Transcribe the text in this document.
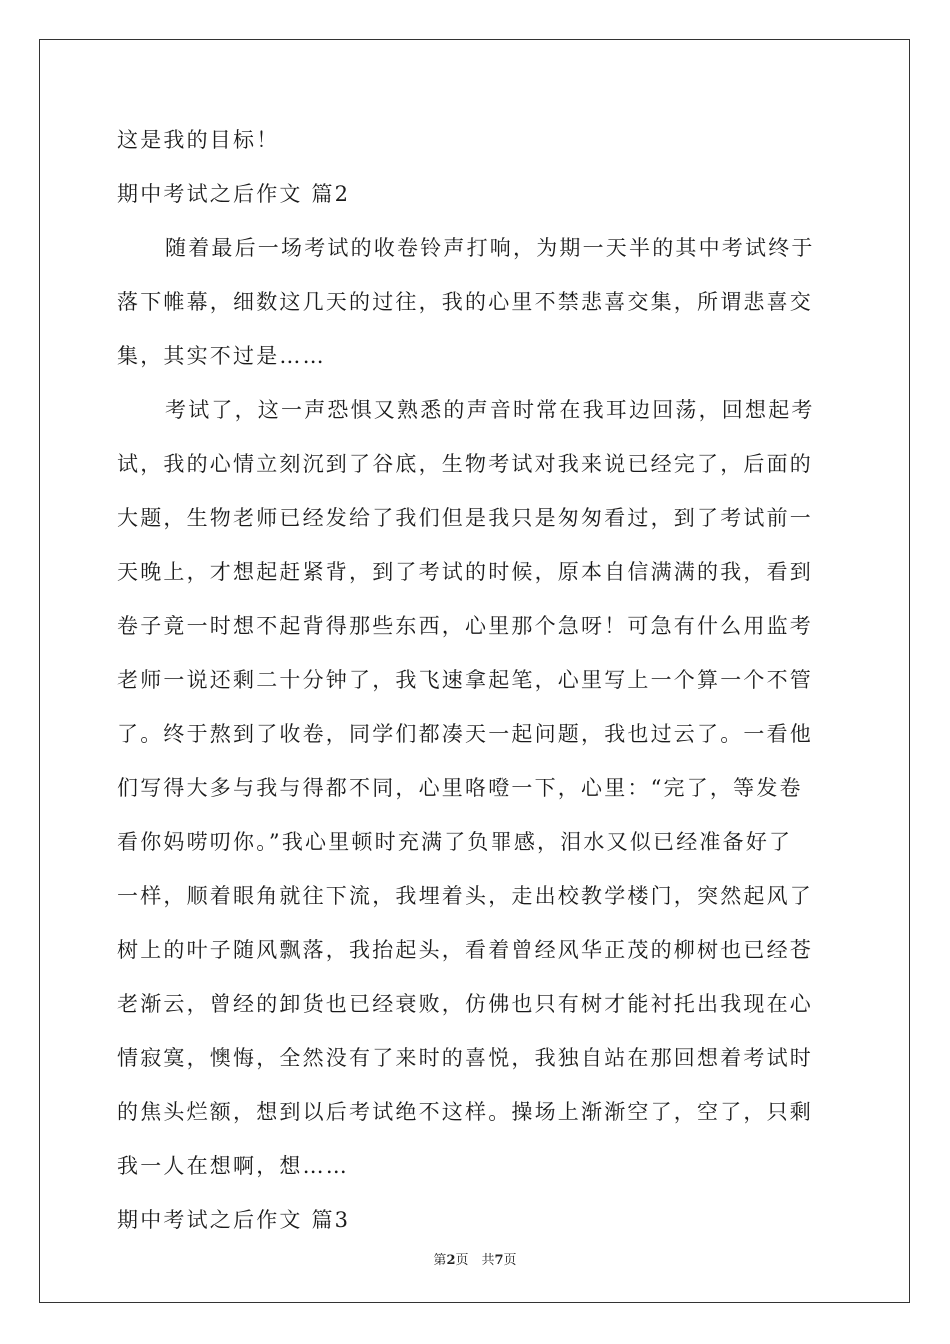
这是我的目标！
期中考试之后作文 篇2
随着最后一场考试的收卷铃声打响，为期一天半的其中考试终于
落下帷幕，细数这几天的过往，我的心里不禁悲喜交集，所谓悲喜交
集，其实不过是……
考试了，这一声恐惧又熟悉的声音时常在我耳边回荡，回想起考
试，我的心情立刻沉到了谷底，生物考试对我来说已经完了，后面的
大题，生物老师已经发给了我们但是我只是匆匆看过，到了考试前一
天晚上，才想起赶紧背，到了考试的时候，原本自信满满的我，看到
卷子竟一时想不起背得那些东西，心里那个急呀！可急有什么用监考
老师一说还剩二十分钟了，我飞速拿起笔，心里写上一个算一个不管
了。终于熬到了收卷，同学们都凑天一起问题，我也过云了。一看他
们写得大多与我与得都不同，心里咯噔一下，心里：“完了，等发卷
看你妈唠叨你。”我心里顿时充满了负罪感，泪水又似已经准备好了
一样，顺着眼角就往下流，我埋着头，走出校教学楼门，突然起风了
树上的叶子随风飘落，我抬起头，看着曾经风华正茂的柳树也已经苍
老渐云，曾经的卸货也已经衰败，仿佛也只有树才能衬托出我现在心
情寂寞，懊悔，全然没有了来时的喜悦，我独自站在那回想着考试时
的焦头烂额，想到以后考试绝不这样。操场上渐渐空了，空了，只剩
我一人在想啊，想……
期中考试之后作文 篇3
第2页　共7页
